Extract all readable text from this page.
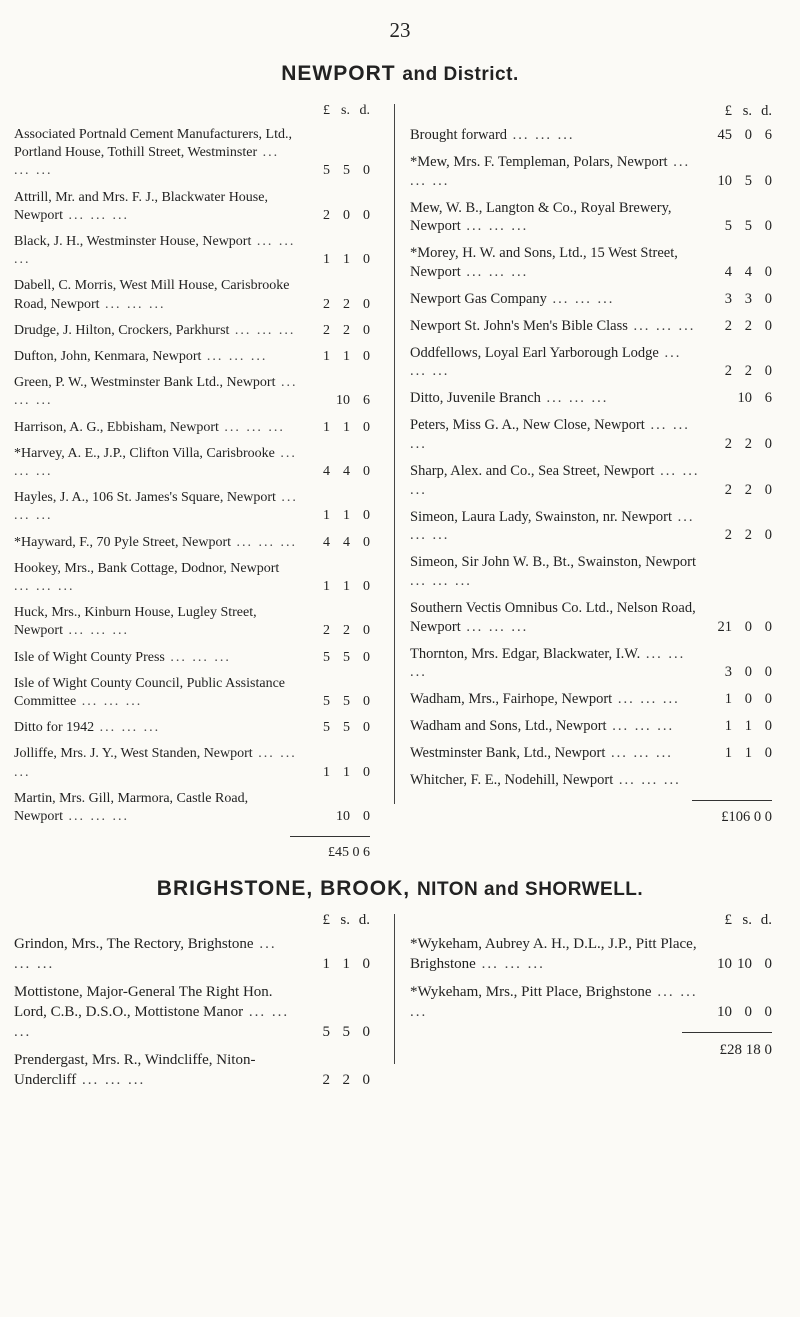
23
NEWPORT and District.
£ s. d.
Associated Portnald Cement Manufacturers, Ltd., Portland House, Tothill Street, Westminster ... ... ...	5 5 0
Attrill, Mr. and Mrs. F. J., Blackwater House, Newport ... ... ...	2 0 0
Black, J. H., Westminster House, Newport ... ... ...	1 1 0
Dabell, C. Morris, West Mill House, Carisbrooke Road, Newport ... ... ...	2 2 0
Drudge, J. Hilton, Crockers, Parkhurst ... ... ...	2 2 0
Dufton, John, Kenmara, Newport ... ... ...	1 1 0
Green, P. W., Westminster Bank Ltd., Newport ... ... ...	10 6
Harrison, A. G., Ebbisham, Newport ... ... ...	1 1 0
*Harvey, A. E., J.P., Clifton Villa, Carisbrooke ... ... ...	4 4 0
Hayles, J. A., 106 St. James's Square, Newport ... ... ...	1 1 0
*Hayward, F., 70 Pyle Street, Newport ... ... ...	4 4 0
Hookey, Mrs., Bank Cottage, Dodnor, Newport ... ... ...	1 1 0
Huck, Mrs., Kinburn House, Lugley Street, Newport ... ... ...	2 2 0
Isle of Wight County Press ... ... ...	5 5 0
Isle of Wight County Council, Public Assistance Committee ... ... ...	5 5 0
Ditto for 1942 ... ... ...	5 5 0
Jolliffe, Mrs. J. Y., West Standen, Newport ... ... ...	1 1 0
Martin, Mrs. Gill, Marmora, Castle Road, Newport ... ... ...	10 0
£45 0 6
£ s. d.
Brought forward ... ... ...	45 0 6
*Mew, Mrs. F. Templeman, Polars, Newport ... ... ...	10 5 0
Mew, W. B., Langton & Co., Royal Brewery, Newport ... ... ...	5 5 0
*Morey, H. W. and Sons, Ltd., 15 West Street, Newport ... ... ...	4 4 0
Newport Gas Company ... ... ...	3 3 0
Newport St. John's Men's Bible Class ... ... ...	2 2 0
Oddfellows, Loyal Earl Yarborough Lodge ... ... ...	2 2 0
Ditto, Juvenile Branch ... ... ...	10 6
Peters, Miss G. A., New Close, Newport ... ... ...	2 2 0
Sharp, Alex. and Co., Sea Street, Newport ... ... ...	2 2 0
Simeon, Laura Lady, Swainston, nr. Newport ... ... ...	2 2 0
Simeon, Sir John W. B., Bt., Swainston, Newport ... ... ...
Southern Vectis Omnibus Co. Ltd., Nelson Road, Newport ... ... ...	21 0 0
Thornton, Mrs. Edgar, Blackwater, I.W. ... ... ...	3 0 0
Wadham, Mrs., Fairhope, Newport ... ... ...	1 0 0
Wadham and Sons, Ltd., Newport ... ... ...	1 1 0
Westminster Bank, Ltd., Newport ... ... ...	1 1 0
Whitcher, F. E., Nodehill, Newport ... ... ...
£106 0 0
BRIGHSTONE, BROOK, NITON and SHORWELL.
£ s. d.
Grindon, Mrs., The Rectory, Brighstone ... ... ...	1 1 0
Mottistone, Major-General The Right Hon. Lord, C.B., D.S.O., Mottistone Manor ... ... ...	5 5 0
Prendergast, Mrs. R., Windcliffe, Niton-Undercliff ... ... ...	2 2 0
£ s. d.
*Wykeham, Aubrey A. H., D.L., J.P., Pitt Place, Brighstone ... ... ...	10 10 0
*Wykeham, Mrs., Pitt Place, Brighstone ... ... ...	10 0 0
£28 18 0
